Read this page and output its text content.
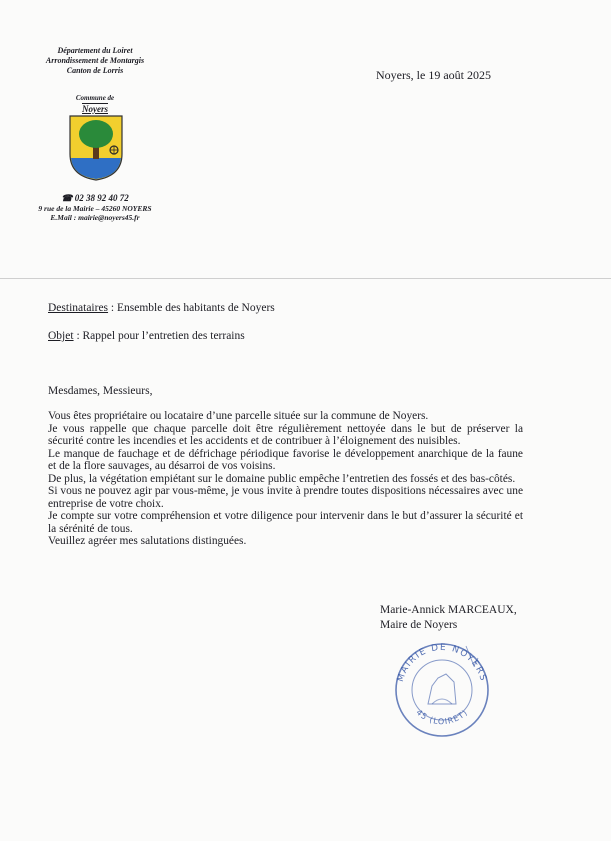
Département du Loiret
Arrondissement de Montargis
Canton de Lorris
Commune de
Noyers
☎ 02 38 92 40 72
9 rue de la Mairie – 45260 NOYERS
E.Mail : mairie@noyers45.fr
Noyers, le 19 août 2025
Destinataires : Ensemble des habitants de Noyers
Objet : Rappel pour l’entretien des terrains
Mesdames, Messieurs,

Vous êtes propriétaire ou locataire d’une parcelle située sur la commune de Noyers.

Je vous rappelle que chaque parcelle doit être régulièrement nettoyée dans le but de préserver la sécurité contre les incendies et les accidents et de contribuer à l’éloignement des nuisibles.

Le manque de fauchage et de défrichage périodique favorise le développement anarchique de la faune et de la flore sauvages, au désarroi de vos voisins.

De plus, la végétation empiétant sur le domaine public empêche l’entretien des fossés et des bas-côtés.

Si vous ne pouvez agir par vous-même, je vous invite à prendre toutes dispositions nécessaires avec une entreprise de votre choix.

Je compte sur votre compréhension et votre diligence pour intervenir dans le but d’assurer la sécurité et la sérénité de tous.

Veuillez agréer mes salutations distinguées.

Marie-Annick MARCEAUX,
Maire de Noyers
MAIRIE DE NOYERS
45 (LOIRET)
